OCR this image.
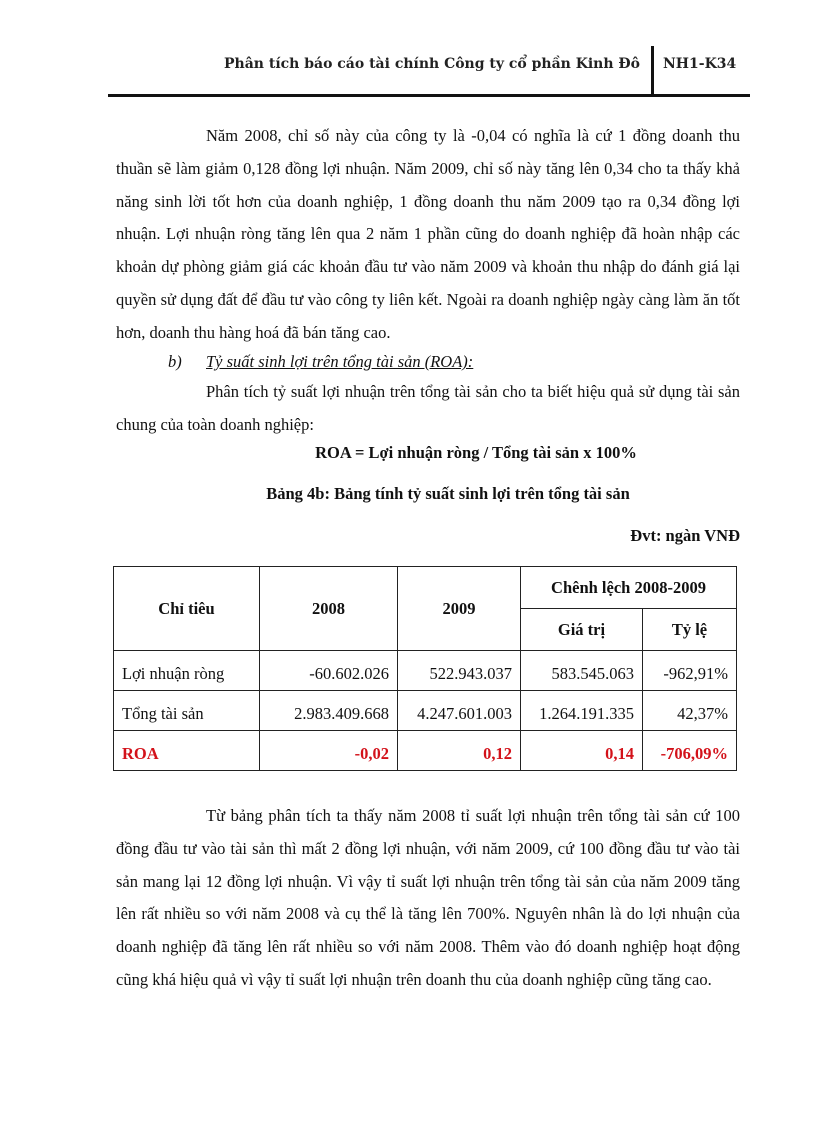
Phân tích báo cáo tài chính Công ty cổ phần Kinh Đô NH1-K34

Năm 2008, chỉ số này của công ty là -0,04 có nghĩa là cứ 1 đồng doanh thu thuần sẽ làm giảm 0,128 đồng lợi nhuận. Năm 2009, chỉ số này tăng lên 0,34 cho ta thấy khả năng sinh lời tốt hơn của doanh nghiệp, 1 đồng doanh thu năm 2009 tạo ra 0,34 đồng lợi nhuận. Lợi nhuận ròng tăng lên qua 2 năm 1 phần cũng do doanh nghiệp đã hoàn nhập các khoản dự phòng giảm giá các khoản đầu tư vào năm 2009 và khoản thu nhập do đánh giá lại quyền sử dụng đất để đầu tư vào công ty liên kết. Ngoài ra doanh nghiệp ngày càng làm ăn tốt hơn, doanh thu hàng hoá đã bán tăng cao.

b) Tỷ suất sinh lợi trên tổng tài sản (ROA):

Phân tích tỷ suất lợi nhuận trên tổng tài sản cho ta biết hiệu quả sử dụng tài sản chung của toàn doanh nghiệp:

ROA = Lợi nhuận ròng / Tổng tài sản x 100%
Bảng 4b: Bảng tính tỷ suất sinh lợi trên tổng tài sản
Đvt: ngàn VNĐ
Chỉ tiêu	2008	2009	Chênh lệch 2008-2009	
			Giá trị	Tỷ lệ
Lợi nhuận ròng	-60.602.026	522.943.037	583.545.063	-962,91%
Tổng tài sản	2.983.409.668	4.247.601.003	1.264.191.335	42,37%
ROA	-0,02	0,12	0,14	-706,09%

Từ bảng phân tích ta thấy năm 2008 tỉ suất lợi nhuận trên tổng tài sản cứ 100 đồng đầu tư vào tài sản thì mất 2 đồng lợi nhuận, với năm 2009, cứ 100 đồng đầu tư vào tài sản mang lại 12 đồng lợi nhuận. Vì vậy tỉ suất lợi nhuận trên tổng tài sản của năm 2009 tăng lên rất nhiều so với năm 2008 và cụ thể là tăng lên 700%. Nguyên nhân là do lợi nhuận của doanh nghiệp đã tăng lên rất nhiều so với năm 2008. Thêm vào đó doanh nghiệp hoạt động cũng khá hiệu quả vì vậy tỉ suất lợi nhuận trên doanh thu của doanh nghiệp cũng tăng cao.
